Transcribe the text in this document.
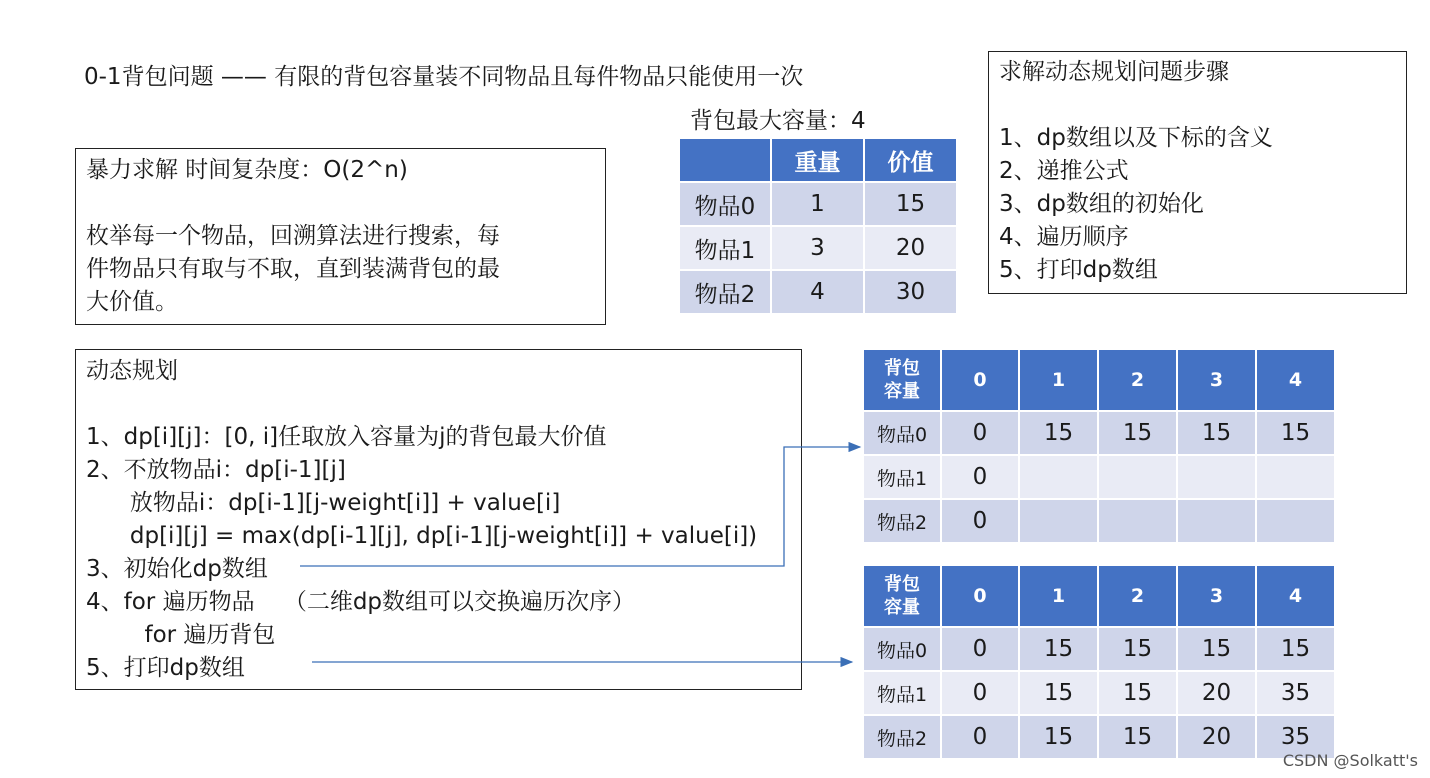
0-1背包问题 —— 有限的背包容量装不同物品且每件物品只能使用一次
暴力求解 时间复杂度：O(2^n)
枚举每一个物品，回溯算法进行搜索，每
件物品只有取与不取，直到装满背包的最
大价值。
求解动态规划问题步骤
1、dp数组以及下标的含义
2、递推公式
3、dp数组的初始化
4、遍历顺序
5、打印dp数组
背包最大容量：4
	重量	价值
物品0	1	15
物品1	3	20
物品2	4	30
动态规划
1、dp[i][j]：[0, i]任取放入容量为j的背包最大价值
2、不放物品i：dp[i-1][j]
放物品i：dp[i-1][j-weight[i]] + value[i]
dp[i][j] = max(dp[i-1][j], dp[i-1][j-weight[i]] + value[i])
3、初始化dp数组
4、for 遍历物品    （二维dp数组可以交换遍历次序）
for 遍历背包
5、打印dp数组
背包
容量	0	1	2	3	4
物品0	0	15	15	15	15
物品1	0				
物品2	0				
背包
容量	0	1	2	3	4
物品0	0	15	15	15	15
物品1	0	15	15	20	35
物品2	0	15	15	20	35
CSDN @Solkatt's
